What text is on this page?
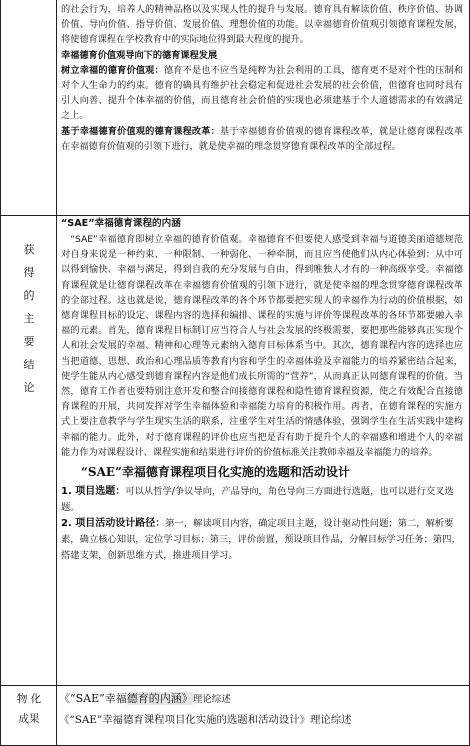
的社会行为，培养人的精神品格以及实现人性的提升与发展。德育具有解读价值、秩序价值、协调价值、导向价值、指导价值、发展价值、理想价值的功能。以幸福德育价值观引领德育课程发展，将使德育课程在学校教育中的实际地位得到最大程度的提升。

幸福德育价值观导向下的德育课程发展

树立幸福的德育价值观：德育不是也不应当是纯粹为社会利用的工具，德育更不是对个性的压制和对个人生命力的约束。德育的确具有维护社会稳定和促进社会发展的社会价值，但德育也同时具有引人向善、提升个体幸福的价值，而且德育社会价值的实现也必须建基于个人道德需求的有效满足之上。

基于幸福德育价值观的德育课程改革：基于幸福德育价值观的德育课程改革，就是让德育课程改革在幸福德育价值观的引领下进行，就是使幸福的理念贯穿德育课程改革的全部过程。

获
得
的
主
要
结
论

“SAE”幸福德育课程的内涵

“SAE”幸福德育即树立幸福的德育价值观。幸福德育不但要使人感受到幸福与道德美丽道德规范对自身来说是一种约束、一种限制、一种弱化、一种牵制，而且应当使他们从内心体验到：从中可以得到愉快、幸福与满足，得到自我的充分发展与自由，得到唯独人才有的一种高级享受。幸福德育课程就是让德育课程改革在幸福德育价值观的引领下进行，就是使幸福的理念贯穿德育课程改革的全部过程。这也就是说，德育课程改革的各个环节都要把实现人的幸福作为行动的价值根据，如德育课程目标的设定、课程内容的选择和编排、课程的实施与评价等课程改革的各环节都要融入幸福的元素。首先，德育课程目标制订应当符合人与社会发展的终极需要，要把那些能够真正实现个人和社会发展的幸福、精神和心理等元素纳入德育目标体系当中。其次，德育课程内容的选择也应当把道德、思想、政治和心理品质等教育内容和学生的幸福体验及幸福能力的培养紧密结合起来，使学生能从内心感受到德育课程内容是他们成长所需的“营养”，从而真正认同德育课程的价值。当然，德育工作者也要特别注意开发和整合间接德育课程和隐性德育课程资源，使之有效配合直接德育课程的开展，共同发挥对学生幸福体验和幸福能力培育的积极作用。再者，在德育课程的实施方式上要注意教学与学生现实生活的联系，注重学生对生活的情感体验，强调学生在生活实践中建构幸福的能力。此外，对于德育课程的评价也应当把是否有助于提升个人的幸福感和增进个人的幸福能力作为对课程设计、课程实施和结果进行评价的价值标准关注教师幸福及幸福能力的培养。

“SAE”幸福德育课程项目化实施的选题和活动设计

1. 项目选题：可以从哲学/争议导向，产品导向，角色导向三方面进行选题，也可以进行交叉选题。

2. 项目活动设计路径：第一，解读项目内容，确定项目主题，设计驱动性问题；第二，解析要素，确立核心知识，定位学习目标；第三，评价前置，预设项目作品，分解目标学习任务；第四，搭建支架，创新思维方式，推进项目学习。

物 化
成果

《“SAE”幸福德育的内涵》理论综述

《“SAE”幸福德育课程项目化实施的选题和活动设计》理论综述
